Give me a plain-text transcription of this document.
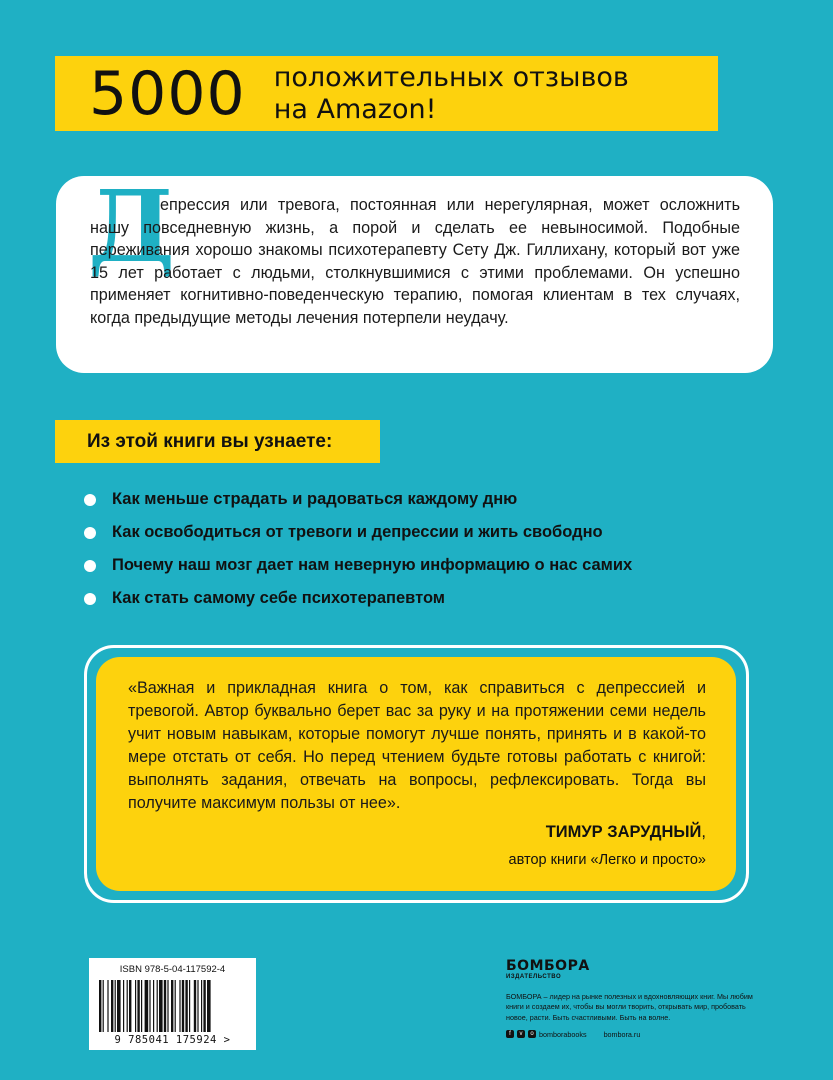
5000 положительных отзывов
на Amazon!
Д

епрессия или тревога, постоянная или нерегулярная, может осложнить нашу повседневную жизнь, а порой и сделать ее невыносимой. Подобные переживания хорошо знакомы психотерапевту Сету Дж. Гиллихану, который вот уже 15 лет работает с людьми, столкнувшимися с этими проблемами. Он успешно применяет когнитивно-поведенческую терапию, помогая клиентам в тех случаях, когда предыдущие методы лечения потерпели неудачу.

Из этой книги вы узнаете:
Как меньше страдать и радоваться каждому дню
Как освободиться от тревоги и депрессии и жить свободно
Почему наш мозг дает нам неверную информацию о нас самих
Как стать самому себе психотерапевтом

«Важная и прикладная книга о том, как справиться с депрессией и тревогой. Автор буквально берет вас за руку и на протяжении семи недель учит новым навыкам, которые помогут лучше понять, принять и в какой-то мере отстать от себя. Но перед чтением будьте готовы работать с книгой: выполнять задания, отвечать на вопросы, рефлексировать. Тогда вы получите максимум пользы от нее».

ТИМУР ЗАРУДНЫЙ,
автор книги «Легко и просто»
ISBN 978-5-04-117592-4
9 785041 175924 >
БОМБОРА
ИЗДАТЕЛЬСТВО
БОМБОРА – лидер на рынке полезных и вдохновляющих книг. Мы любим книги и создаем их, чтобы вы могли творить, открывать мир, пробовать новое, расти. Быть счастливыми. Быть на волне.
f	v	o bomborabooks bombora.ru
